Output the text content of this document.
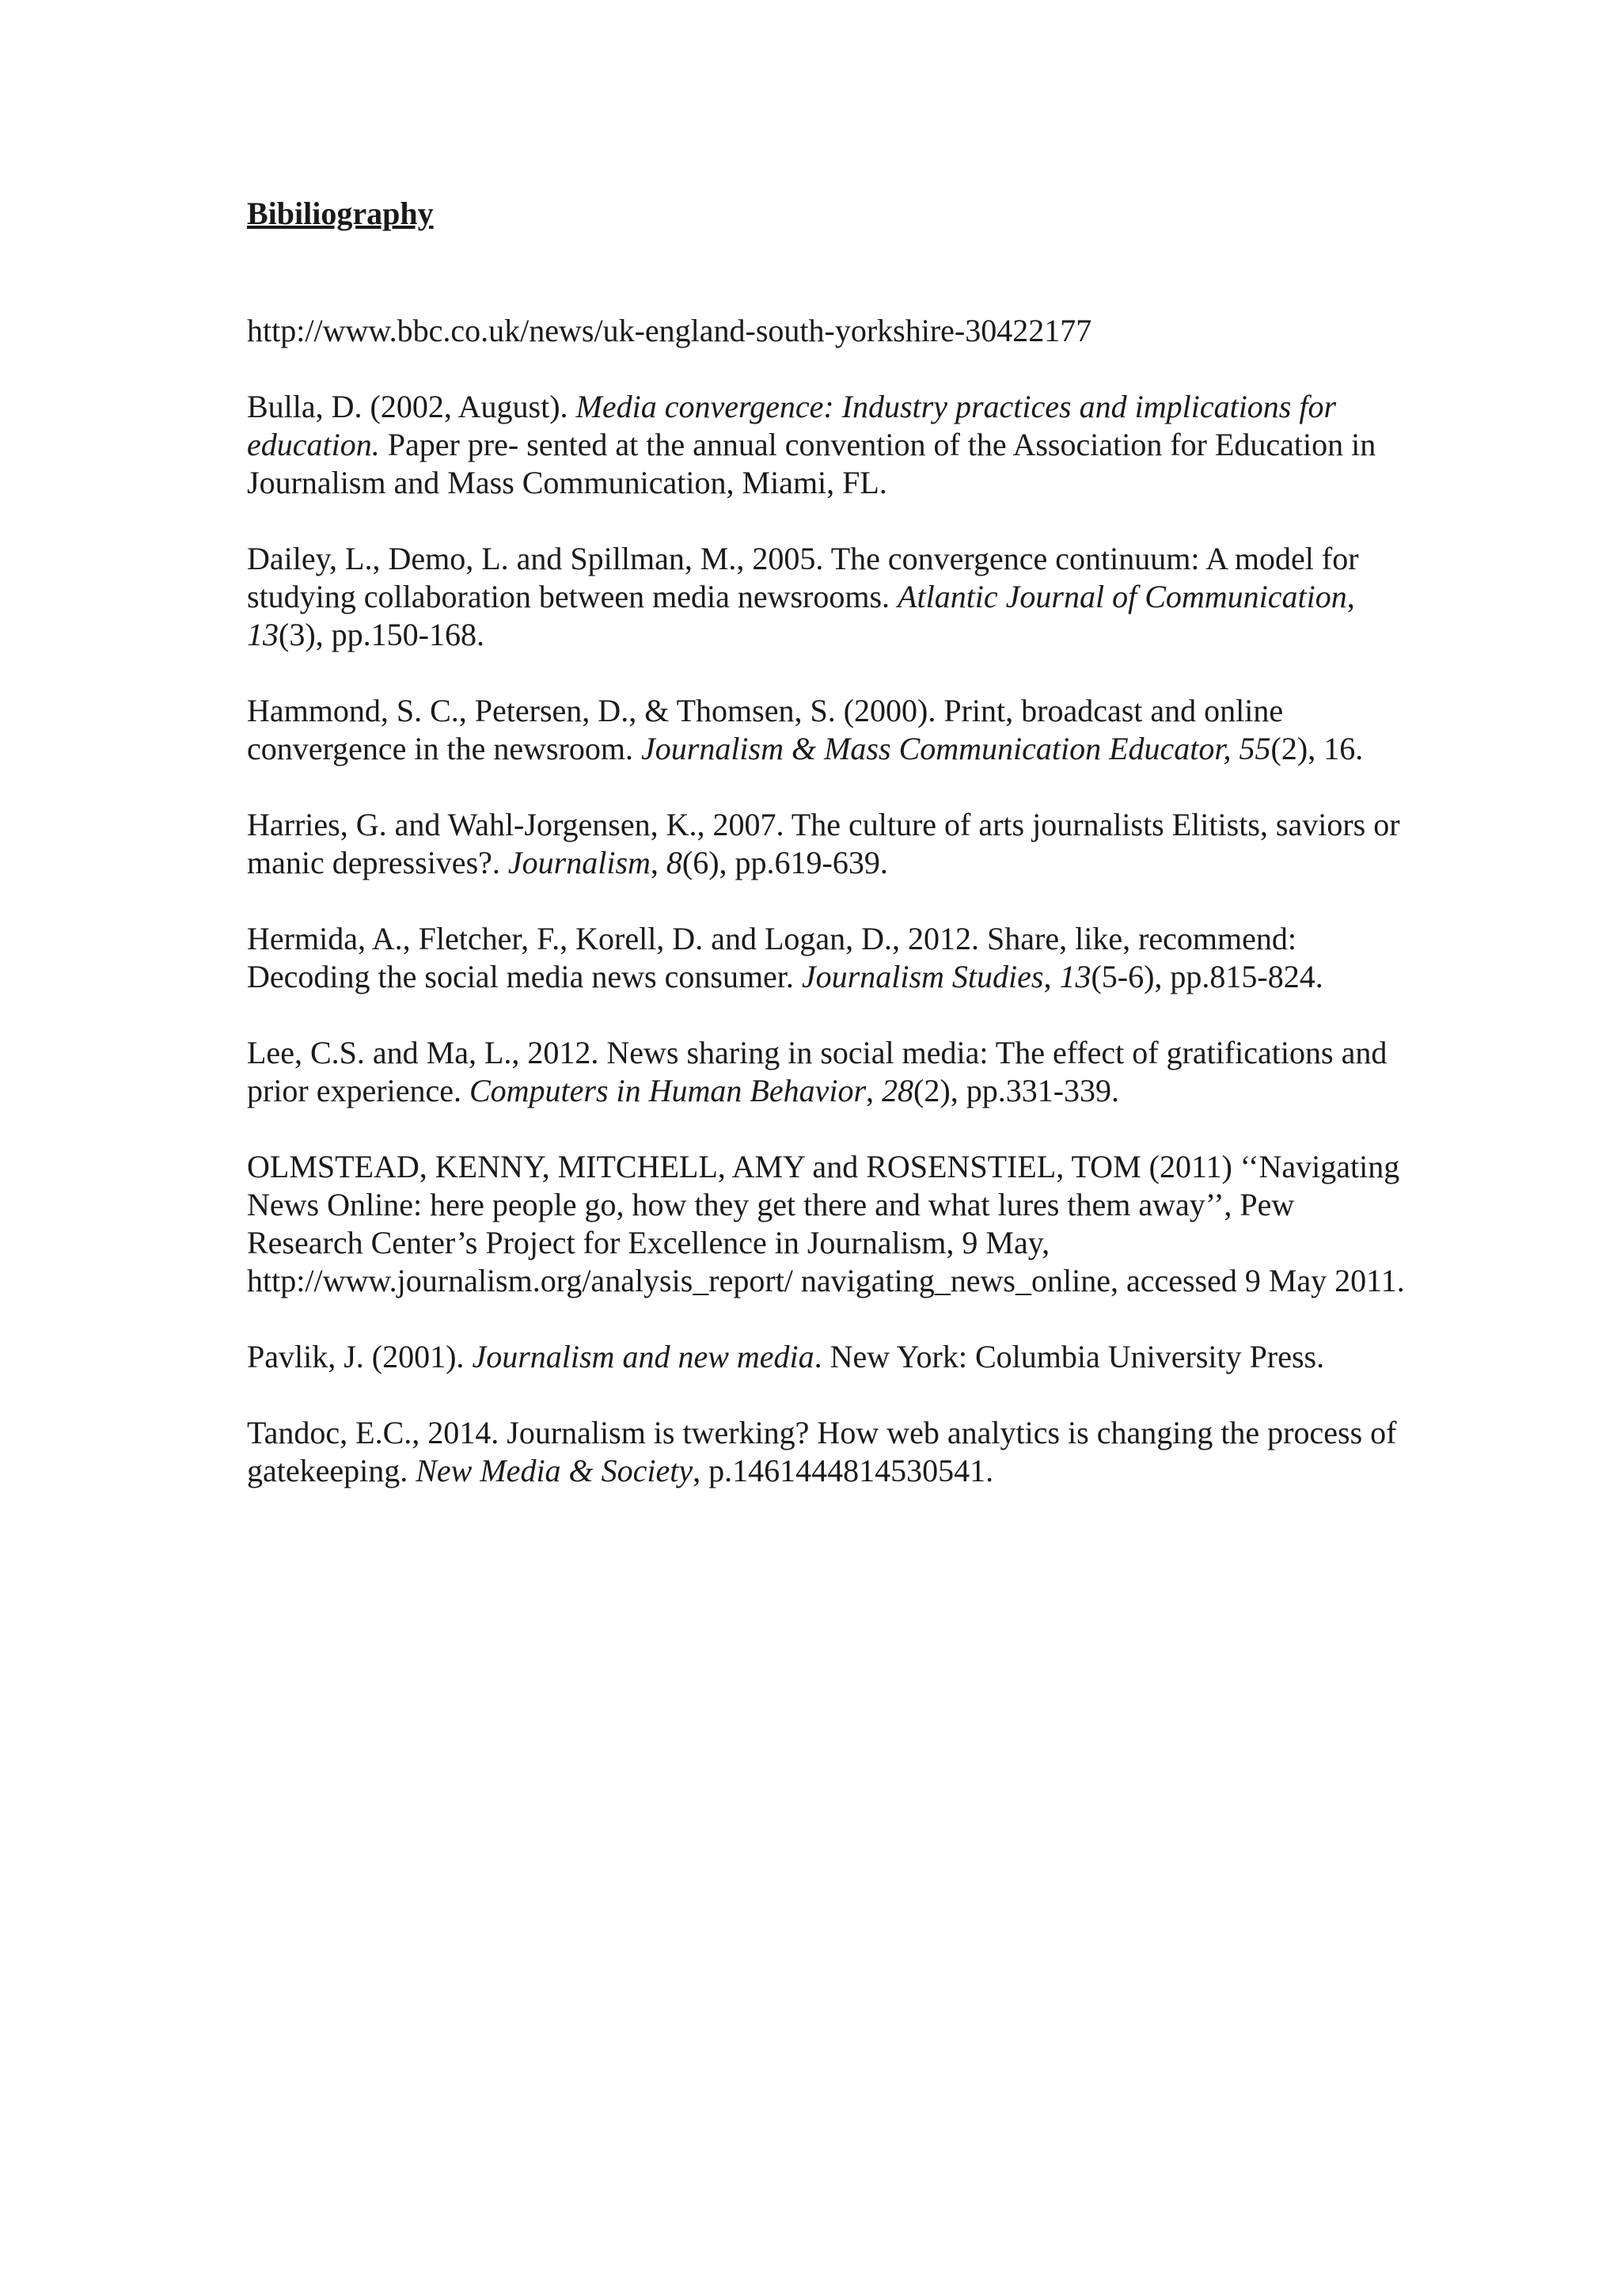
Bibiliography
http://www.bbc.co.uk/news/uk-england-south-yorkshire-30422177
Bulla, D. (2002, August). Media convergence: Industry practices and implications for education. Paper pre- sented at the annual convention of the Association for Education in Journalism and Mass Communication, Miami, FL.
Dailey, L., Demo, L. and Spillman, M., 2005. The convergence continuum: A model for studying collaboration between media newsrooms. Atlantic Journal of Communication, 13(3), pp.150-168.
Hammond, S. C., Petersen, D., & Thomsen, S. (2000). Print, broadcast and online convergence in the newsroom. Journalism & Mass Communication Educator, 55(2), 16.
Harries, G. and Wahl-Jorgensen, K., 2007. The culture of arts journalists Elitists, saviors or manic depressives?. Journalism, 8(6), pp.619-639.
Hermida, A., Fletcher, F., Korell, D. and Logan, D., 2012. Share, like, recommend: Decoding the social media news consumer. Journalism Studies, 13(5-6), pp.815-824.
Lee, C.S. and Ma, L., 2012. News sharing in social media: The effect of gratifications and prior experience. Computers in Human Behavior, 28(2), pp.331-339.
OLMSTEAD, KENNY, MITCHELL, AMY and ROSENSTIEL, TOM (2011) ‘‘Navigating News Online: here people go, how they get there and what lures them away’’, Pew Research Center’s Project for Excellence in Journalism, 9 May, http://www.journalism.org/analysis_report/ navigating_news_online, accessed 9 May 2011.
Pavlik, J. (2001). Journalism and new media. New York: Columbia University Press.
Tandoc, E.C., 2014. Journalism is twerking? How web analytics is changing the process of gatekeeping. New Media & Society, p.1461444814530541.
